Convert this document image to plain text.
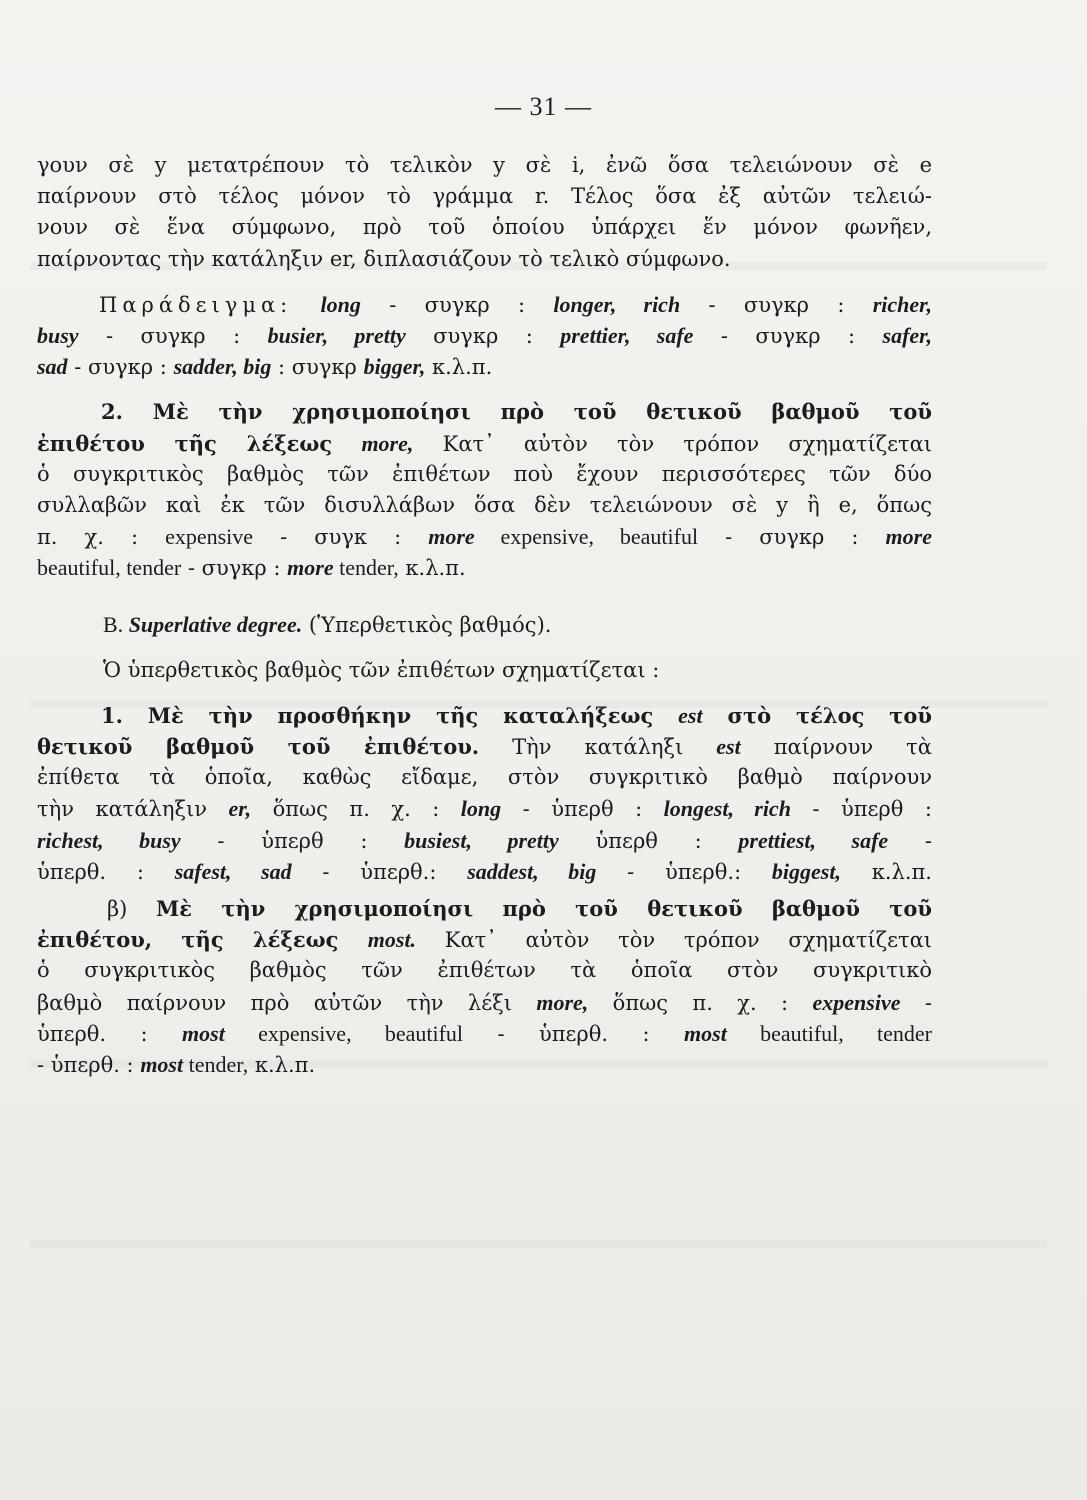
— 31 —
γουν σὲ y μετατρέπουν τὸ τελικὸν y σὲ i, ἐνῶ ὅσα τελειώνουν σὲ e
παίρνουν στὸ τέλος μόνον τὸ γράμμα r. Τέλος ὅσα ἐξ αὐτῶν τελειώ-
νουν σὲ ἕνα σύμφωνο, πρὸ τοῦ ὁποίου ὑπάρχει ἕν μόνον φωνῆεν,
παίρνοντας τὴν κατάληξιν er, διπλασιάζουν τὸ τελικὸ σύμφωνο.
Παράδειγμα: long - συγκρ : longer, rich - συγκρ : richer,
busy - συγκρ : busier, pretty συγκρ : prettier, safe - συγκρ : safer,
sad - συγκρ : sadder, big : συγκρ bigger, κ.λ.π.
2. Μὲ τὴν χρησιμοποίησι πρὸ τοῦ θετικοῦ βαθμοῦ τοῦ
ἐπιθέτου τῆς λέξεως more, Κατ᾽ αὐτὸν τὸν τρόπον σχηματίζεται
ὁ συγκριτικὸς βαθμὸς τῶν ἐπιθέτων ποὺ ἔχουν περισσότερες τῶν δύο
συλλαβῶν καὶ ἐκ τῶν δισυλλάβων ὅσα δὲν τελειώνουν σὲ y ἢ e, ὅπως
π. χ. : expensive - συγκ : more expensive, beautiful - συγκρ : more
beautiful, tender - συγκρ : more tender, κ.λ.π.
B. Superlative degree. (Ὑπερθετικὸς βαθμός).
Ὁ ὑπερθετικὸς βαθμὸς τῶν ἐπιθέτων σχηματίζεται :
1. Μὲ τὴν προσθήκην τῆς καταλήξεως est στὸ τέλος τοῦ
θετικοῦ βαθμοῦ τοῦ ἐπιθέτου. Τὴν κατάληξι est παίρνουν τὰ
ἐπίθετα τὰ ὁποῖα, καθὼς εἴδαμε, στὸν συγκριτικὸ βαθμὸ παίρνουν
τὴν κατάληξιν er, ὅπως π. χ. : long - ὑπερθ : longest, rich - ὑπερθ :
richest, busy - ὑπερθ : busiest, pretty ὑπερθ : prettiest, safe -
ὑπερθ. : safest, sad - ὑπερθ.: saddest, big - ὑπερθ.: biggest, κ.λ.π.
β) Μὲ τὴν χρησιμοποίησι πρὸ τοῦ θετικοῦ βαθμοῦ τοῦ
ἐπιθέτου, τῆς λέξεως most. Κατ᾽ αὐτὸν τὸν τρόπον σχηματίζεται
ὁ συγκριτικὸς βαθμὸς τῶν ἐπιθέτων τὰ ὁποῖα στὸν συγκριτικὸ
βαθμὸ παίρνουν πρὸ αὐτῶν τὴν λέξι more, ὅπως π. χ. : expensive -
ὑπερθ. : most expensive, beautiful - ὑπερθ. : most beautiful, tender
- ὑπερθ. : most tender, κ.λ.π.
